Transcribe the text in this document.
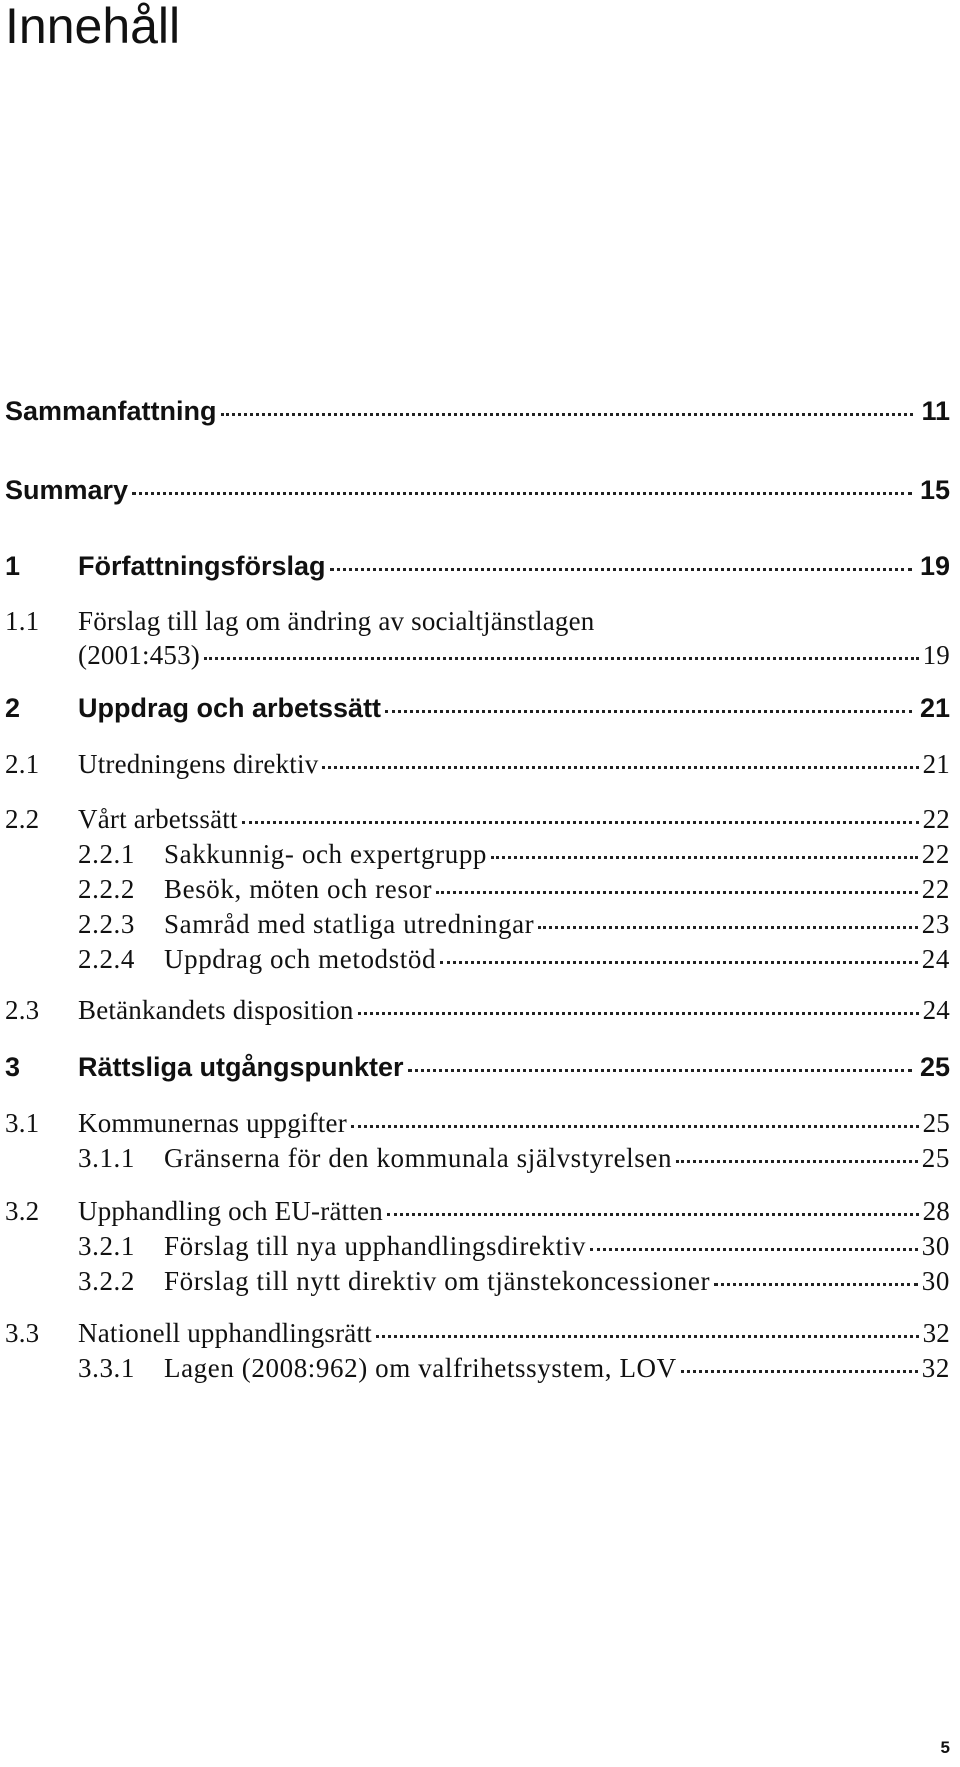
Innehåll
Sammanfattning	11
Summary	15
1	Författningsförslag	19
1.1	Förslag till lag om ändring av socialtjänstlagen
(2001:453)	19
2	Uppdrag och arbetssätt	21
2.1	Utredningens direktiv	21
2.2	Vårt arbetssätt	22
2.2.1	Sakkunnig- och expertgrupp	22
2.2.2	Besök, möten och resor	22
2.2.3	Samråd med statliga utredningar	23
2.2.4	Uppdrag och metodstöd	24
2.3	Betänkandets disposition	24
3	Rättsliga utgångspunkter	25
3.1	Kommunernas uppgifter	25
3.1.1	Gränserna för den kommunala självstyrelsen	25
3.2	Upphandling och EU-rätten	28
3.2.1	Förslag till nya upphandlingsdirektiv	30
3.2.2	Förslag till nytt direktiv om tjänstekoncessioner	30
3.3	Nationell upphandlingsrätt	32
3.3.1	Lagen (2008:962) om valfrihetssystem, LOV	32
5
